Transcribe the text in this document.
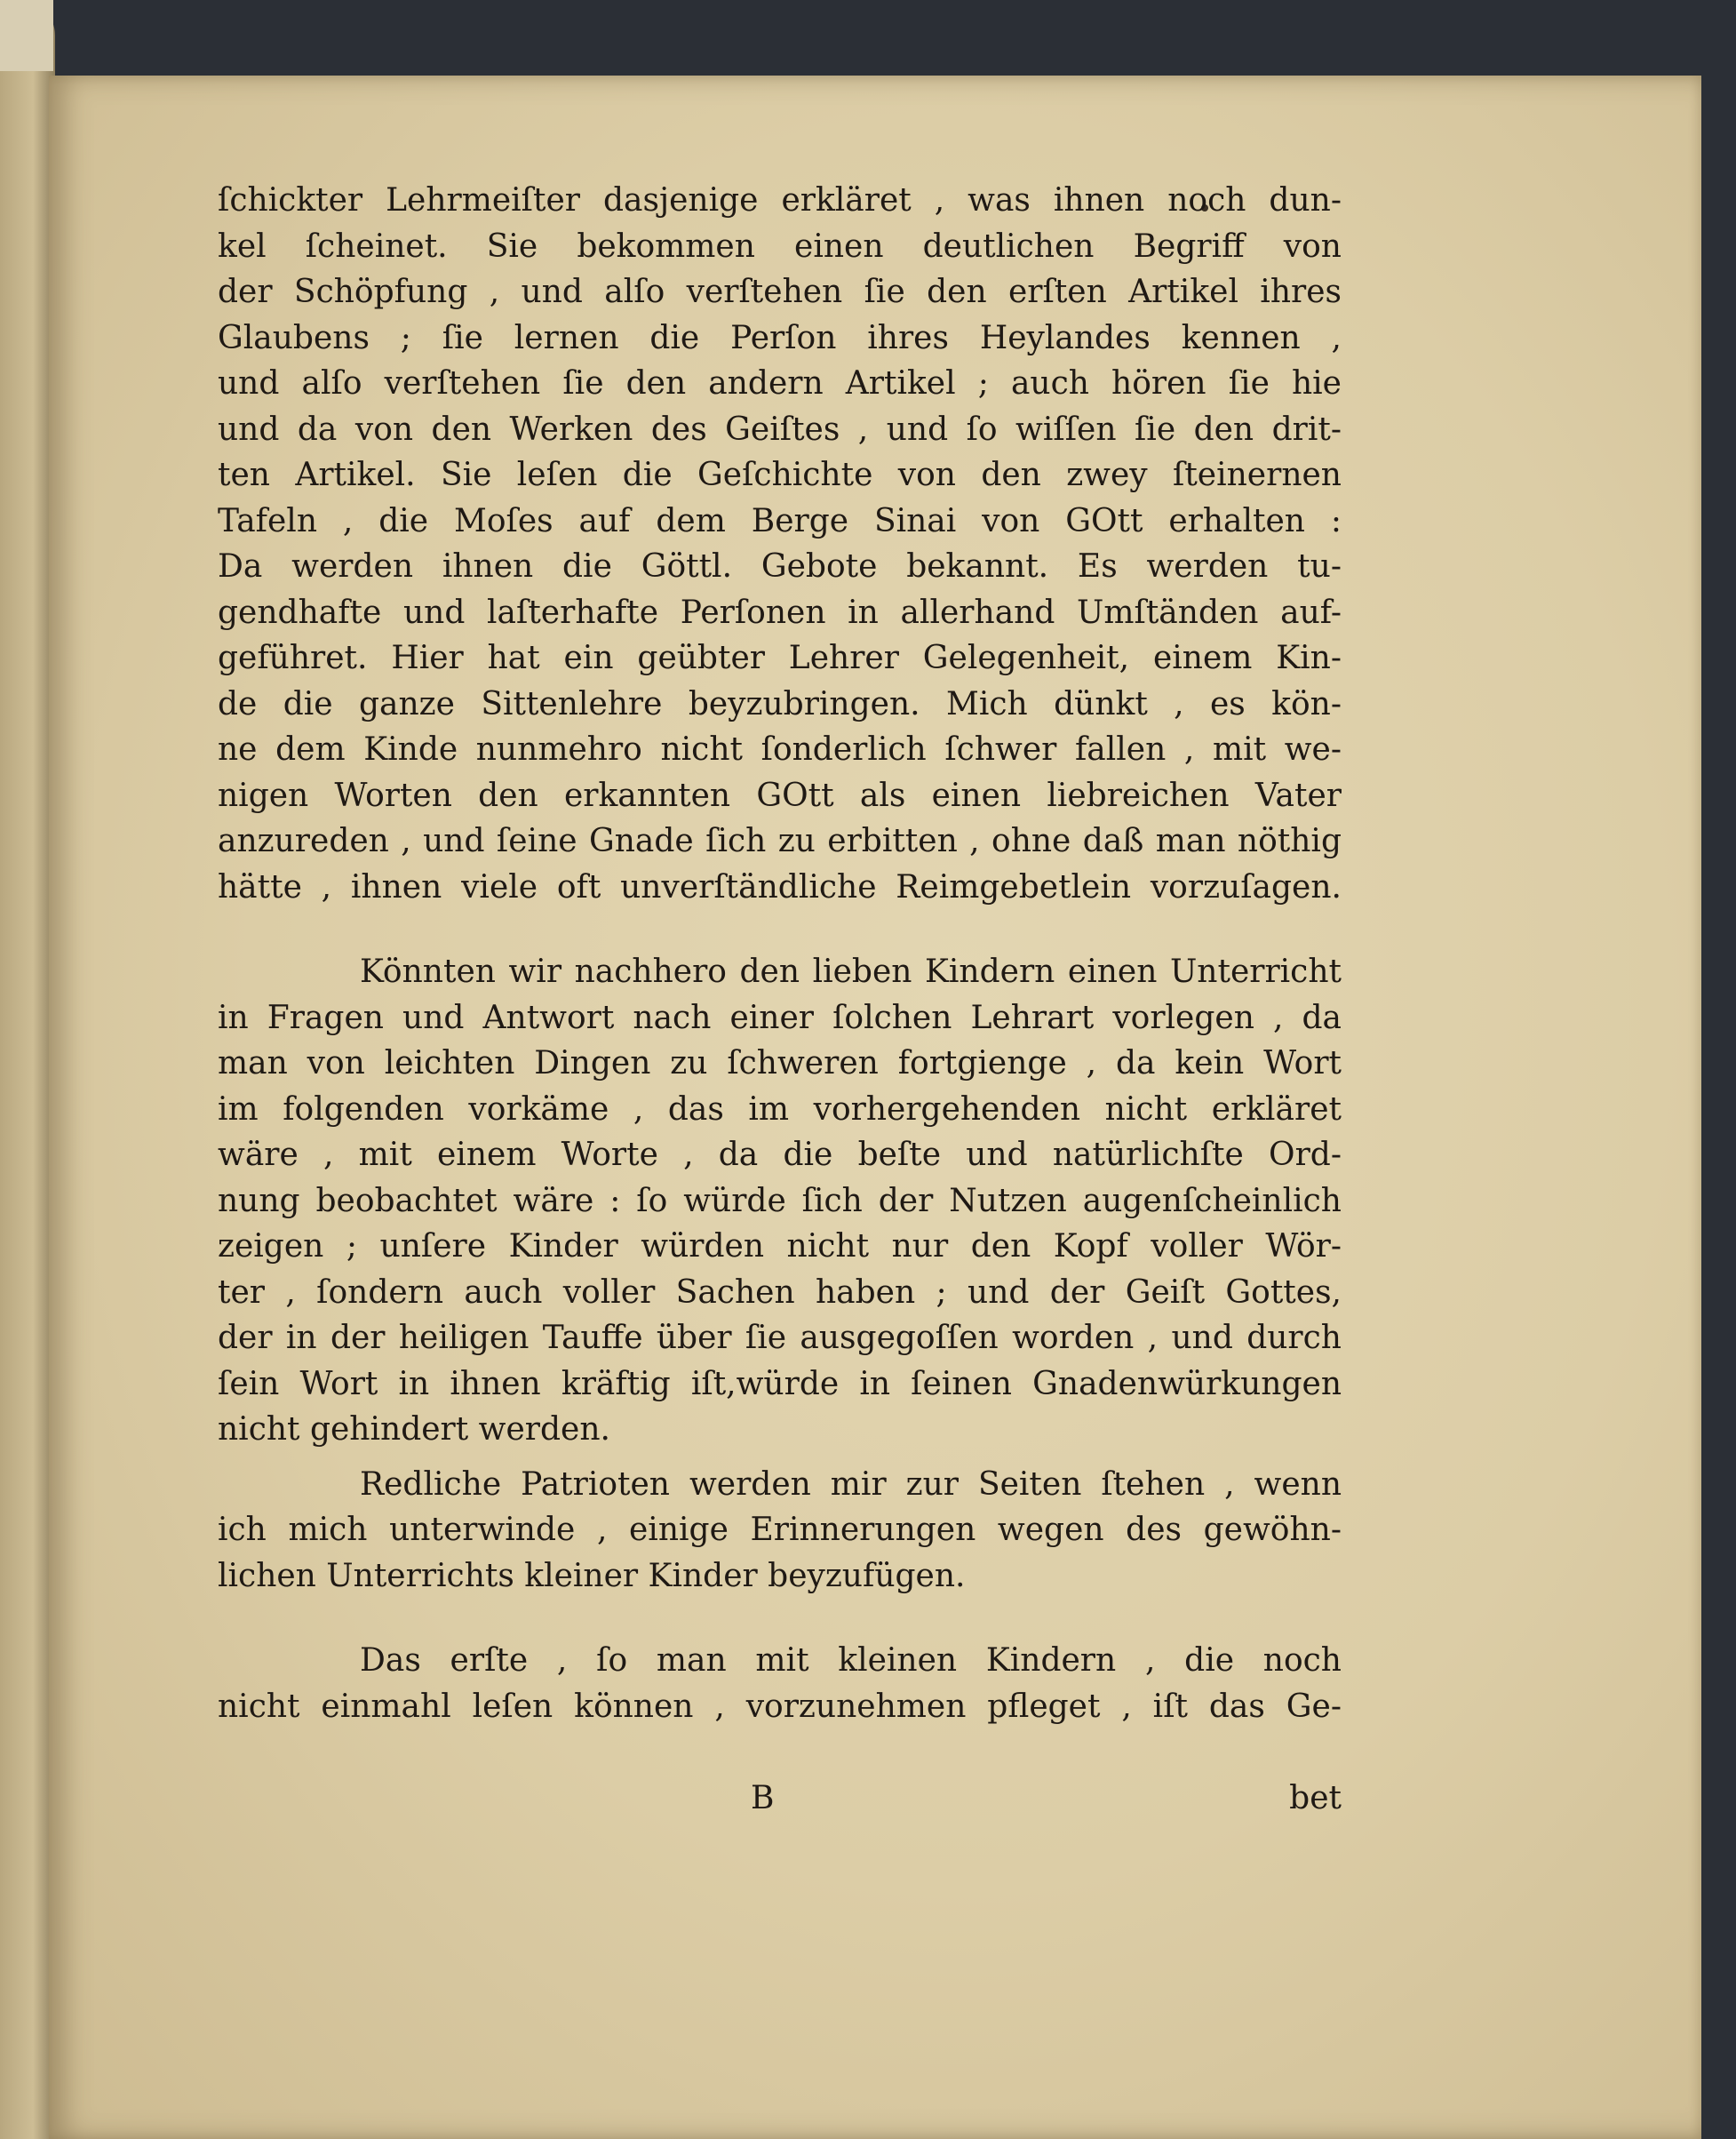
ſchickter Lehrmeiſter dasjenige erkläret , was ihnen noch dun-
kel ſcheinet. Sie bekommen einen deutlichen Begriff von
der Schöpfung , und alſo verſtehen ſie den erſten Artikel ihres
Glaubens ; ſie lernen die Perſon ihres Heylandes kennen ,
und alſo verſtehen ſie den andern Artikel ; auch hören ſie hie
und da von den Werken des Geiſtes , und ſo wiſſen ſie den drit-
ten Artikel. Sie leſen die Geſchichte von den zwey ſteinernen
Tafeln , die Moſes auf dem Berge Sinai von GOtt erhalten :
Da werden ihnen die Göttl. Gebote bekannt. Es werden tu-
gendhafte und laſterhafte Perſonen in allerhand Umſtänden auf-
geführet. Hier hat ein geübter Lehrer Gelegenheit, einem Kin-
de die ganze Sittenlehre beyzubringen. Mich dünkt , es kön-
ne dem Kinde nunmehro nicht ſonderlich ſchwer fallen , mit we-
nigen Worten den erkannten GOtt als einen liebreichen Vater
anzureden , und ſeine Gnade ſich zu erbitten , ohne daß man nöthig
hätte , ihnen viele oft unverſtändliche Reimgebetlein vorzuſagen.
Könnten wir nachhero den lieben Kindern einen Unterricht
in Fragen und Antwort nach einer ſolchen Lehrart vorlegen , da
man von leichten Dingen zu ſchweren fortgienge , da kein Wort
im folgenden vorkäme , das im vorhergehenden nicht erkläret
wäre , mit einem Worte , da die beſte und natürlichſte Ord-
nung beobachtet wäre : ſo würde ſich der Nutzen augenſcheinlich
zeigen ; unſere Kinder würden nicht nur den Kopf voller Wör-
ter , ſondern auch voller Sachen haben ; und der Geiſt Gottes,
der in der heiligen Tauffe über ſie ausgegoſſen worden , und durch
ſein Wort in ihnen kräftig iſt,würde in ſeinen Gnadenwürkungen
nicht gehindert werden.
Redliche Patrioten werden mir zur Seiten ſtehen , wenn
ich mich unterwinde , einige Erinnerungen wegen des gewöhn-
lichen Unterrichts kleiner Kinder beyzufügen.
Das erſte , ſo man mit kleinen Kindern , die noch
nicht einmahl leſen können , vorzunehmen pfleget , iſt das Ge-
B	bet
